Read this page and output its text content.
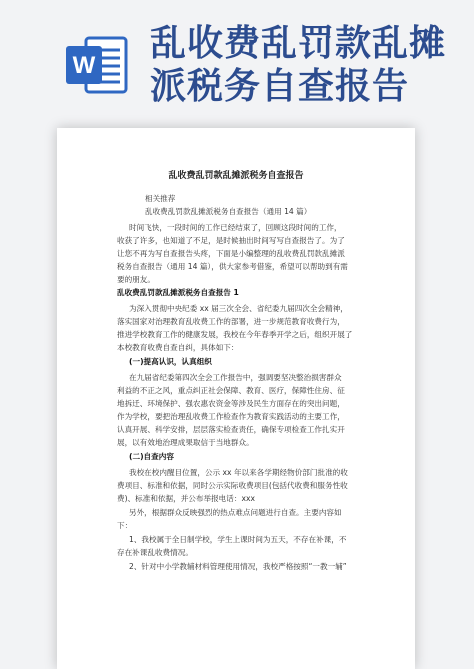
W
乱收费乱罚款乱摊
派税务自查报告
乱收费乱罚款乱摊派税务自查报告
相关推荐
乱收费乱罚款乱摊派税务自查报告（通用 14 篇）
时间飞快，一段时间的工作已经结束了，回顾这段时间的工作，
收获了许多，也知道了不足，是时候抽出时间写写自查报告了。为了
让您不再为写自查报告头疼，下面是小编整理的乱收费乱罚款乱摊派
税务自查报告（通用 14 篇），供大家参考借鉴，希望可以帮助到有需
要的朋友。
乱收费乱罚款乱摊派税务自查报告 1
为深入贯彻中央纪委 xx 届三次全会、省纪委九届四次全会精神，
落实国家对治理教育乱收费工作的部署，进一步规范教育收费行为，
推进学校教育工作的健康发展，我校在今年春季开学之后，组织开展了
本校教育收费自查自纠，具体如下：
(一)提高认识，认真组织
在九届省纪委第四次全会工作报告中，强调要坚决整治损害群众
利益的不正之风，重点纠正社会保障、教育、医疗，保障性住房、征
地拆迁、环境保护、强农惠农资金等涉及民生方面存在的突出问题，
作为学校，要把治理乱收费工作检查作为教育实践活动的主要工作，
认真开展、科学安排，层层落实检查责任，确保专项检查工作扎实开
展，以有效地治理成果取信于当地群众。
(二)自查内容
我校在校内醒目位置，公示 xx 年以来各学期经物价部门批准的收
费项目、标准和依据，同时公示实际收费项目(包括代收费和服务性收
费)、标准和依据，并公布举报电话：xxx
另外，根据群众反映强烈的热点难点问题进行自查。主要内容如
下：
1、我校属于全日制学校，学生上课时间为五天，不存在补课，不
存在补课乱收费情况。
2、针对中小学教辅材料管理使用情况，我校严格按照“一教一辅”
